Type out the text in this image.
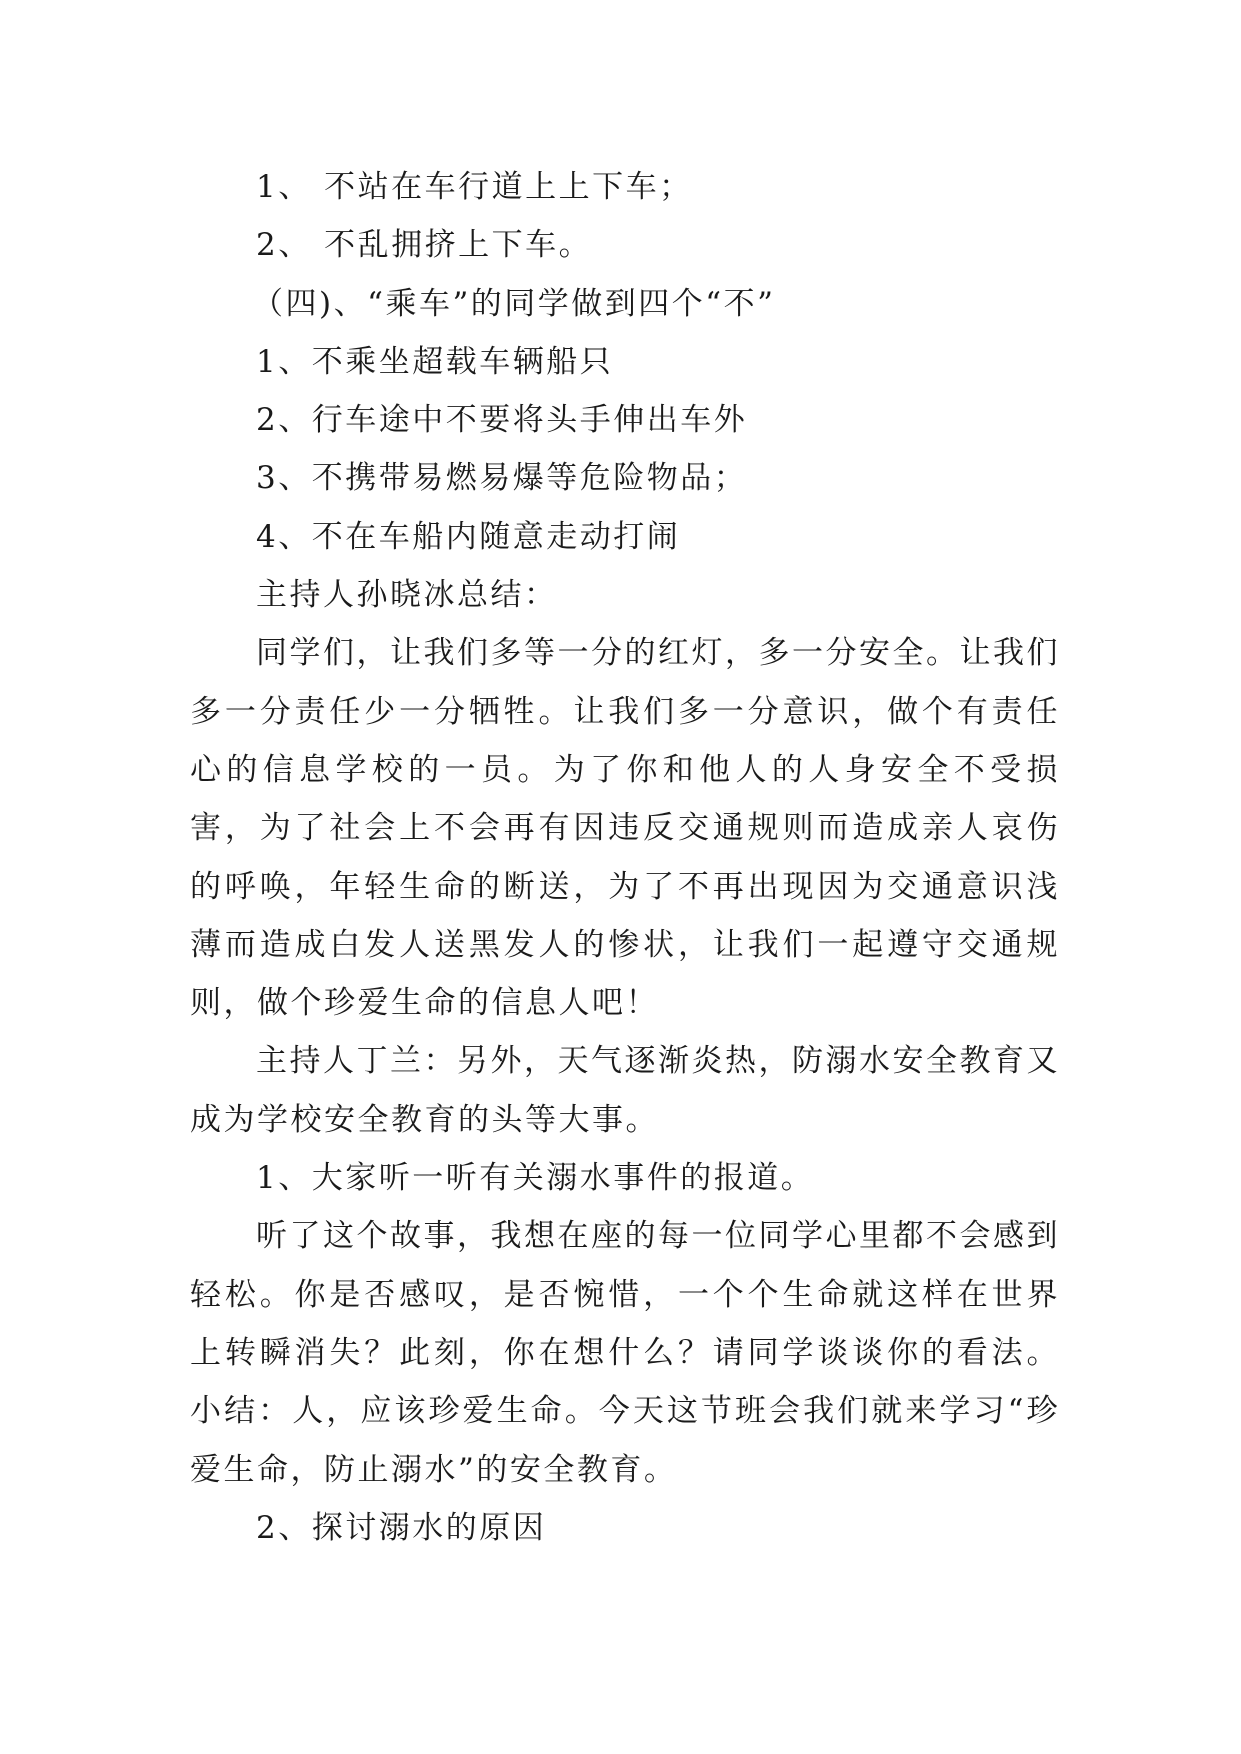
1、 不站在车行道上上下车；

2、 不乱拥挤上下车。

（四)、“乘车”的同学做到四个“不”

1、不乘坐超载车辆船只

2、行车途中不要将头手伸出车外

3、不携带易燃易爆等危险物品；

4、不在车船内随意走动打闹

主持人孙晓冰总结：

同学们，让我们多等一分的红灯，多一分安全。让我们多一分责任少一分牺牲。让我们多一分意识，做个有责任心的信息学校的一员。为了你和他人的人身安全不受损害，为了社会上不会再有因违反交通规则而造成亲人哀伤的呼唤，年轻生命的断送，为了不再出现因为交通意识浅薄而造成白发人送黑发人的惨状，让我们一起遵守交通规则，做个珍爱生命的信息人吧！

主持人丁兰：另外，天气逐渐炎热，防溺水安全教育又成为学校安全教育的头等大事。

1、大家听一听有关溺水事件的报道。

听了这个故事，我想在座的每一位同学心里都不会感到轻松。你是否感叹，是否惋惜，一个个生命就这样在世界上转瞬消失？此刻，你在想什么？请同学谈谈你的看法。 小结：人，应该珍爱生命。今天这节班会我们就来学习“珍爱生命，防止溺水”的安全教育。

2、探讨溺水的原因
